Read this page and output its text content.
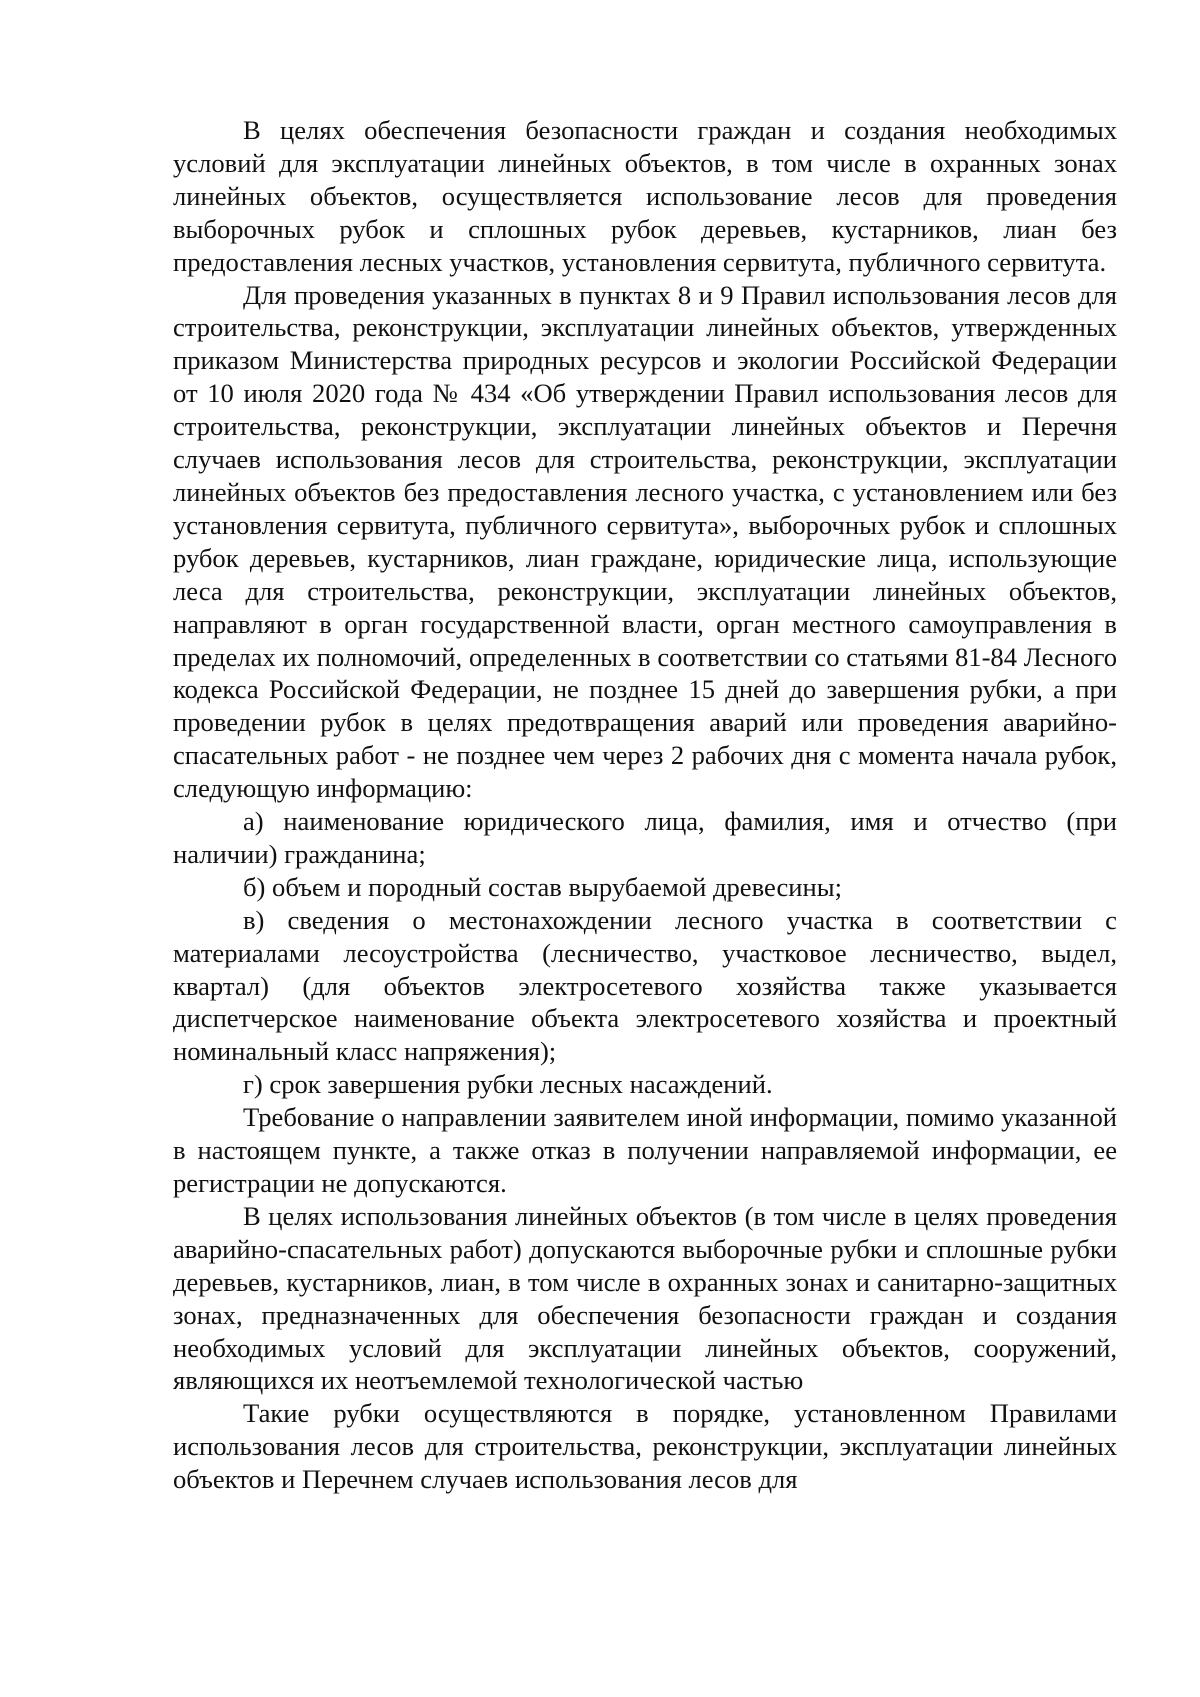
В целях обеспечения безопасности граждан и создания необходимых условий для эксплуатации линейных объектов, в том числе в охранных зонах линейных объектов, осуществляется использование лесов для проведения выборочных рубок и сплошных рубок деревьев, кустарников, лиан без предоставления лесных участков, установления сервитута, публичного сервитута.

Для проведения указанных в пунктах 8 и 9 Правил использования лесов для строительства, реконструкции, эксплуатации линейных объектов, утвержденных приказом Министерства природных ресурсов и экологии Российской Федерации от 10 июля 2020 года № 434 «Об утверждении Правил использования лесов для строительства, реконструкции, эксплуатации линейных объектов и Перечня случаев использования лесов для строительства, реконструкции, эксплуатации линейных объектов без предоставления лесного участка, с установлением или без установления сервитута, публичного сервитута», выборочных рубок и сплошных рубок деревьев, кустарников, лиан граждане, юридические лица, использующие леса для строительства, реконструкции, эксплуатации линейных объектов, направляют в орган государственной власти, орган местного самоуправления в пределах их полномочий, определенных в соответствии со статьями 81-84 Лесного кодекса Российской Федерации, не позднее 15 дней до завершения рубки, а при проведении рубок в целях предотвращения аварий или проведения аварийно-спасательных работ - не позднее чем через 2 рабочих дня с момента начала рубок, следующую информацию:

а) наименование юридического лица, фамилия, имя и отчество (при наличии) гражданина;

б) объем и породный состав вырубаемой древесины;

в) сведения о местонахождении лесного участка в соответствии с материалами лесоустройства (лесничество, участковое лесничество, выдел, квартал) (для объектов электросетевого хозяйства также указывается диспетчерское наименование объекта электросетевого хозяйства и проектный номинальный класс напряжения);

г) срок завершения рубки лесных насаждений.

Требование о направлении заявителем иной информации, помимо указанной в настоящем пункте, а также отказ в получении направляемой информации, ее регистрации не допускаются.

В целях использования линейных объектов (в том числе в целях проведения аварийно-спасательных работ) допускаются выборочные рубки и сплошные рубки деревьев, кустарников, лиан, в том числе в охранных зонах и санитарно-защитных зонах, предназначенных для обеспечения безопасности граждан и создания необходимых условий для эксплуатации линейных объектов, сооружений, являющихся их неотъемлемой технологической частью

Такие рубки осуществляются в порядке, установленном Правилами использования лесов для строительства, реконструкции, эксплуатации линейных объектов и Перечнем случаев использования лесов для
